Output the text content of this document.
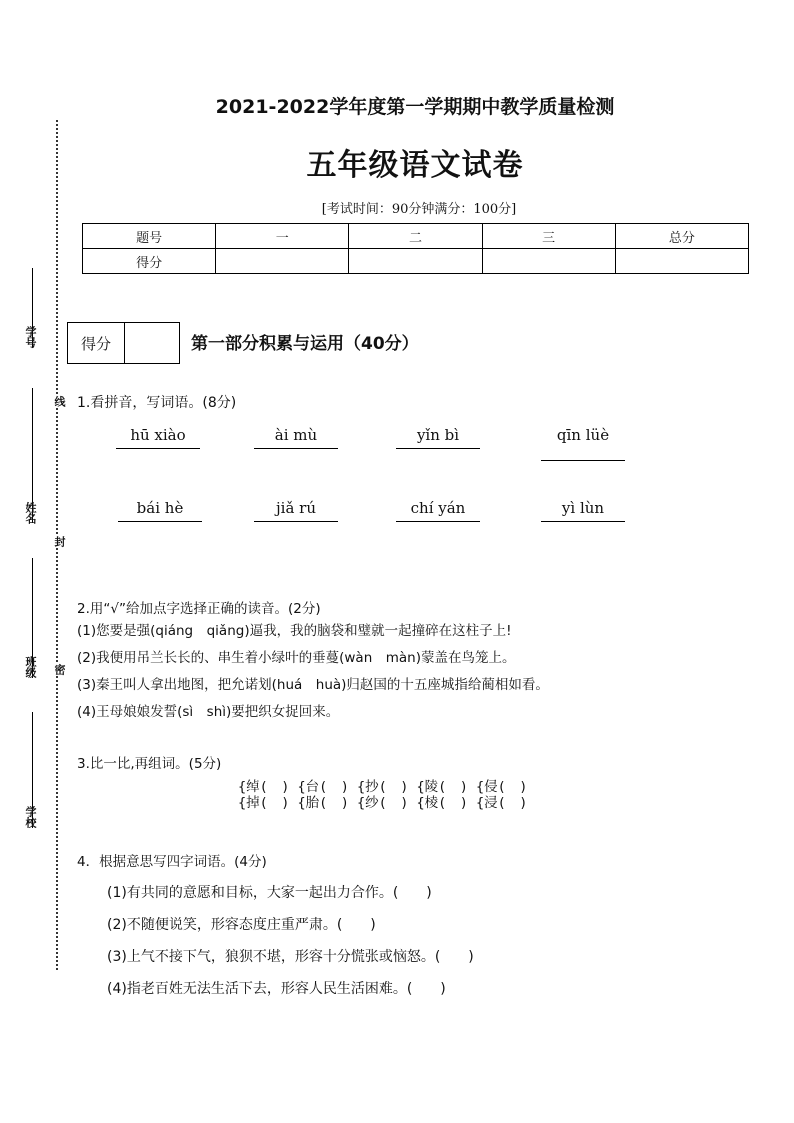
学号
姓名
班级
学校
线
封
密
2021-2022学年度第一学期期中教学质量检测
五年级语文试卷
[考试时间：90分钟满分：100分]
题号	一	二	三	总分
得分				
得分	第一部分积累与运用（40分）
1.看拼音，写词语。(8分)
hū xiào	ài mù	yǐn bì	qīn lüè
bái hè	jiǎ rú	chí yán	yì lùn
2.用“√”给加点字选择正确的读音。(2分)
(1)您要是强(qiáng　qiǎng)逼我，我的脑袋和璧就一起撞碎在这柱子上!
(2)我便用吊兰长长的、串生着小绿叶的垂蔓(wàn　màn)蒙盖在鸟笼上。
(3)秦王叫人拿出地图，把允诺划(huá　huà)归赵国的十五座城指给蔺相如看。
(4)王母娘娘发誓(sì　shì)要把织女捉回来。
3.比一比,再组词。(5分)
{绰(　) {台(　) {抄(　) {陵(　) {侵(　)
{掉(　) {胎(　) {纱(　) {棱(　) {浸(　)
4．根据意思写四字词语。(4分)
(1)有共同的意愿和目标，大家一起出力合作。(　　)
(2)不随便说笑，形容态度庄重严肃。(　　)
(3)上气不接下气，狼狈不堪，形容十分慌张或恼怒。(　　)
(4)指老百姓无法生活下去，形容人民生活困难。(　　)
